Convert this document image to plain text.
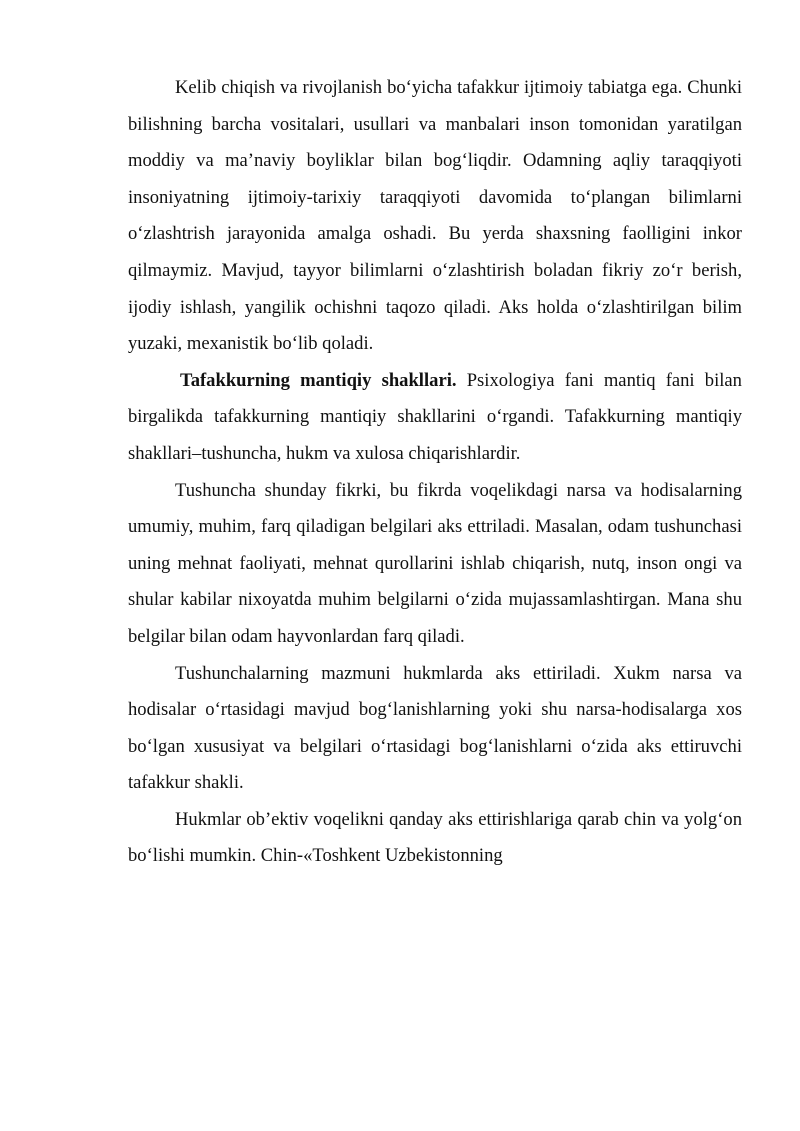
Kelib chiqish va rivojlanish bo‘yicha tafakkur ijtimoiy tabiatga ega. Chunki bilishning barcha vositalari, usullari va manbalari inson tomonidan yaratilgan moddiy va ma’naviy boyliklar bilan bog‘liqdir. Odamning aqliy taraqqiyoti insoniyatning ijtimoiy-tarixiy taraqqiyoti davomida to‘plangan bilimlarni o‘zlashtrish jarayonida amalga oshadi. Bu yerda shaxsning faolligini inkor qilmaymiz. Mavjud, tayyor bilimlarni o‘zlashtirish boladan fikriy zo‘r berish, ijodiy ishlash, yangilik ochishni taqozo qiladi. Aks holda o‘zlashtirilgan bilim yuzaki, mexanistik bo‘lib qoladi.

Tafakkurning mantiqiy shakllari. Psixologiya fani mantiq fani bilan birgalikda tafakkurning mantiqiy shakllarini o‘rgandi. Tafakkurning mantiqiy shakllari–tushuncha, hukm va xulosa chiqarishlardir.

Tushuncha shunday fikrki, bu fikrda voqelikdagi narsa va hodisalarning umumiy, muhim, farq qiladigan belgilari aks ettriladi. Masalan, odam tushunchasi uning mehnat faoliyati, mehnat qurollarini ishlab chiqarish, nutq, inson ongi va shular kabilar nixoyatda muhim belgilarni o‘zida mujassamlashtirgan. Mana shu belgilar bilan odam hayvonlardan farq qiladi.

Tushunchalarning mazmuni hukmlarda aks ettiriladi. Xukm narsa va hodisalar o‘rtasidagi mavjud bog‘lanishlarning yoki shu narsa-hodisalarga xos bo‘lgan xususiyat va belgilari o‘rtasidagi bog‘lanishlarni o‘zida aks ettiruvchi tafakkur shakli.

Hukmlar ob’ektiv voqelikni qanday aks ettirishlariga qarab chin va yolg‘on bo‘lishi mumkin. Chin-«Toshkent Uzbekistonning
